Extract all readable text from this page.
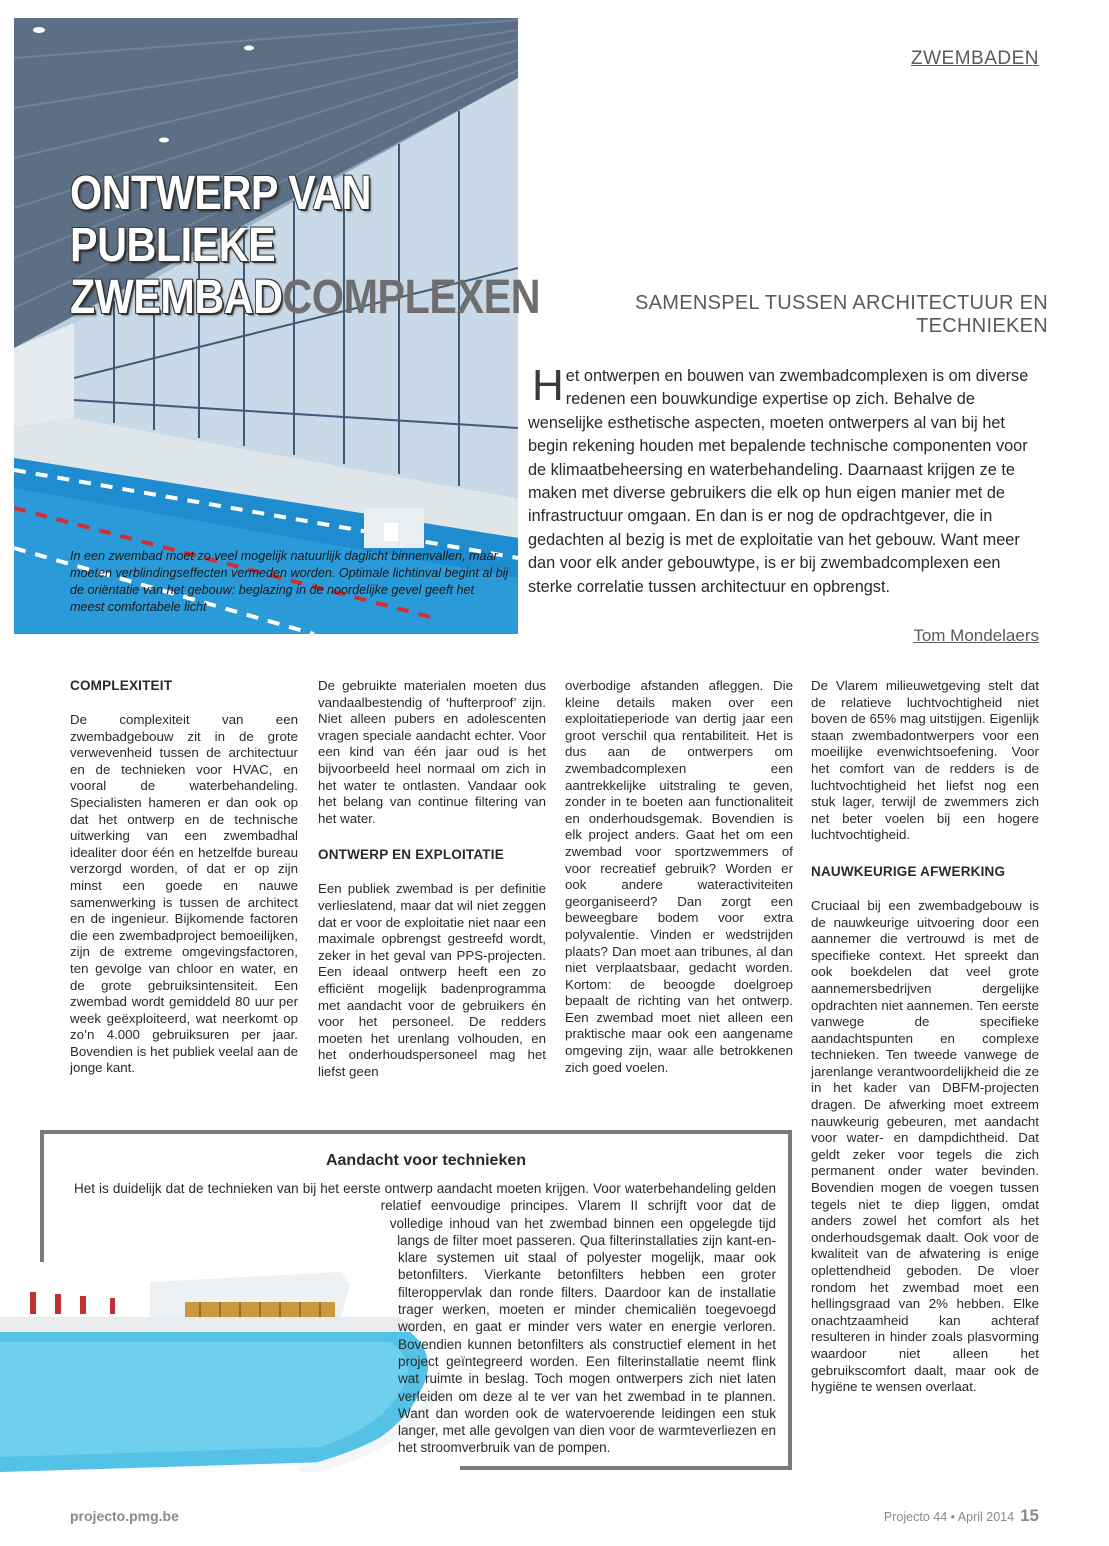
In een zwembad moet zo veel mogelijk natuurlijk daglicht binnenvallen, maar moeten verblindingseffecten vermeden worden. Optimale lichtinval begint al bij de oriëntatie van het gebouw: beglazing in de noordelijke gevel geeft het meest comfortabele licht
ZWEMBADEN
ONTWERP VAN
PUBLIEKE ZWEMBADCOMPLEXEN	SAMENSPEL TUSSEN ARCHITECTUUR EN TECHNIEKEN
Het ontwerpen en bouwen van zwembadcomplexen is om diverse redenen een bouwkundige expertise op zich. Behalve de wenselijke esthetische aspecten, moeten ontwerpers al van bij het begin rekening houden met bepalende technische componenten voor de klimaatbeheersing en waterbehandeling. Daarnaast krijgen ze te maken met diverse gebruikers die elk op hun eigen manier met de infrastructuur omgaan. En dan is er nog de opdrachtgever, die in gedachten al bezig is met de exploitatie van het gebouw. Want meer dan voor elk ander gebouwtype, is er bij zwembadcomplexen een sterke correlatie tussen architectuur en opbrengst.
Tom Mondelaers
COMPLEXITEIT

De complexiteit van een zwembadgebouw zit in de grote verwevenheid tussen de architectuur en de technieken voor HVAC, en vooral de waterbehandeling. Specialisten hameren er dan ook op dat het ontwerp en de technische uitwerking van een zwembadhal idealiter door één en hetzelfde bureau verzorgd worden, of dat er op zijn minst een goede en nauwe samenwerking is tussen de architect en de ingenieur. Bijkomende factoren die een zwembadproject bemoeilijken, zijn de extreme omgevingsfactoren, ten gevolge van chloor en water, en de grote gebruiksintensiteit. Een zwembad wordt gemiddeld 80 uur per week geëxploiteerd, wat neerkomt op zo’n 4.000 gebruiksuren per jaar. Bovendien is het publiek veelal aan de jonge kant.

De gebruikte materialen moeten dus vandaalbestendig of ‘hufterproof’ zijn. Niet alleen pubers en adolescenten vragen speciale aandacht echter. Voor een kind van één jaar oud is het bijvoorbeeld heel normaal om zich in het water te ontlasten. Vandaar ook het belang van continue filtering van het water.

ONTWERP EN EXPLOITATIE

Een publiek zwembad is per definitie verlieslatend, maar dat wil niet zeggen dat er voor de exploitatie niet naar een maximale opbrengst gestreefd wordt, zeker in het geval van PPS-projecten. Een ideaal ontwerp heeft een zo efficiënt mogelijk badenprogramma met aandacht voor de gebruikers én voor het personeel. De redders moeten het urenlang volhouden, en het onderhoudspersoneel mag het liefst geen

overbodige afstanden afleggen. Die kleine details maken over een exploitatieperiode van dertig jaar een groot verschil qua rentabiliteit. Het is dus aan de ontwerpers om zwembadcomplexen een aantrekkelijke uitstraling te geven, zonder in te boeten aan functionaliteit en onderhoudsgemak. Bovendien is elk project anders. Gaat het om een zwembad voor sportzwemmers of voor recreatief gebruik? Worden er ook andere wateractiviteiten georganiseerd? Dan zorgt een beweegbare bodem voor extra polyvalentie. Vinden er wedstrijden plaats? Dan moet aan tribunes, al dan niet verplaatsbaar, gedacht worden. Kortom: de beoogde doelgroep bepaalt de richting van het ontwerp. Een zwembad moet niet alleen een praktische maar ook een aangename omgeving zijn, waar alle betrokkenen zich goed voelen.

De Vlarem milieuwetgeving stelt dat de relatieve luchtvochtigheid niet boven de 65% mag uitstijgen. Eigenlijk staan zwembadontwerpers voor een moeilijke evenwichtsoefening. Voor het comfort van de redders is de luchtvochtigheid het liefst nog een stuk lager, terwijl de zwemmers zich net beter voelen bij een hogere luchtvochtigheid.

NAUWKEURIGE AFWERKING

Cruciaal bij een zwembadgebouw is de nauwkeurige uitvoering door een aannemer die vertrouwd is met de specifieke context. Het spreekt dan ook boekdelen dat veel grote aannemersbedrijven dergelijke opdrachten niet aannemen. Ten eerste vanwege de specifieke aandachtspunten en complexe technieken. Ten tweede vanwege de jarenlange verantwoordelijkheid die ze in het kader van DBFM-projecten dragen. De afwerking moet extreem nauwkeurig gebeuren, met aandacht voor water- en dampdichtheid. Dat geldt zeker voor tegels die zich permanent onder water bevinden. Bovendien mogen de voegen tussen tegels niet te diep liggen, omdat anders zowel het comfort als het onderhoudsgemak daalt. Ook voor de kwaliteit van de afwatering is enige oplettendheid geboden. De vloer rondom het zwembad moet een hellingsgraad van 2% hebben. Elke onachtzaamheid kan achteraf resulteren in hinder zoals plasvorming waardoor niet alleen het gebruikscomfort daalt, maar ook de hygiëne te wensen overlaat.

Aandacht voor technieken
Het is duidelijk dat de technieken van bij het eerste ontwerp aandacht moeten krijgen. Voor waterbehandeling gelden relatief eenvoudige principes. Vlarem II schrijft voor dat de volledige inhoud van het zwembad binnen een opgelegde tijd langs de filter moet passeren. Qua filterinstallaties zijn kant-en-klare systemen uit staal of polyester mogelijk, maar ook betonfilters. Vierkante betonfilters hebben een groter filteroppervlak dan ronde filters. Daardoor kan de installatie trager werken, moeten er minder chemicaliën toegevoegd worden, en gaat er minder vers water en energie verloren. Bovendien kunnen betonfilters als constructief element in het project geïntegreerd worden. Een filterinstallatie neemt flink wat ruimte in beslag. Toch mogen ontwerpers zich niet laten verleiden om deze al te ver van het zwembad in te plannen. Want dan worden ook de watervoerende leidingen een stuk langer, met alle gevolgen van dien voor de warmteverliezen en het stroomverbruik van de pompen.
projecto.pmg.be	Projecto 44 • April 2014 15
